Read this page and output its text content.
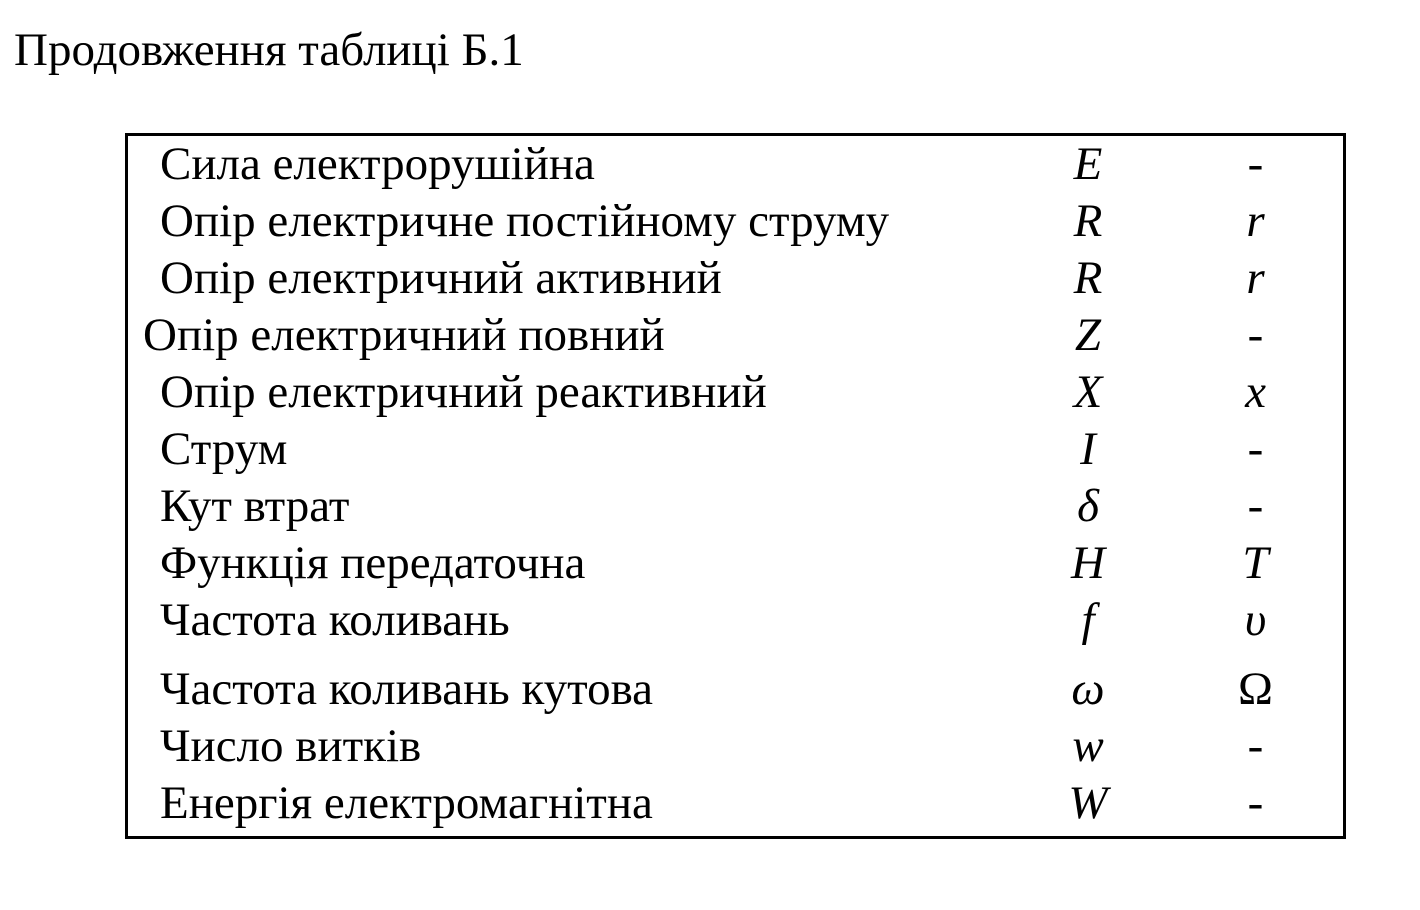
Продовження таблиці Б.1
Сила електрорушійна	E	-
Опір електричне постійному струму	R	r
Опір електричний активний	R	r
Опір електричний повний	Z	-
Опір електричний реактивний	X	x
Струм	I	-
Кут втрат	δ	-
Функція передаточна	H	T
Частота коливань	f	υ
Частота коливань кутова	ω	Ω
Число витків	w	-
Енергія електромагнітна	W	-
